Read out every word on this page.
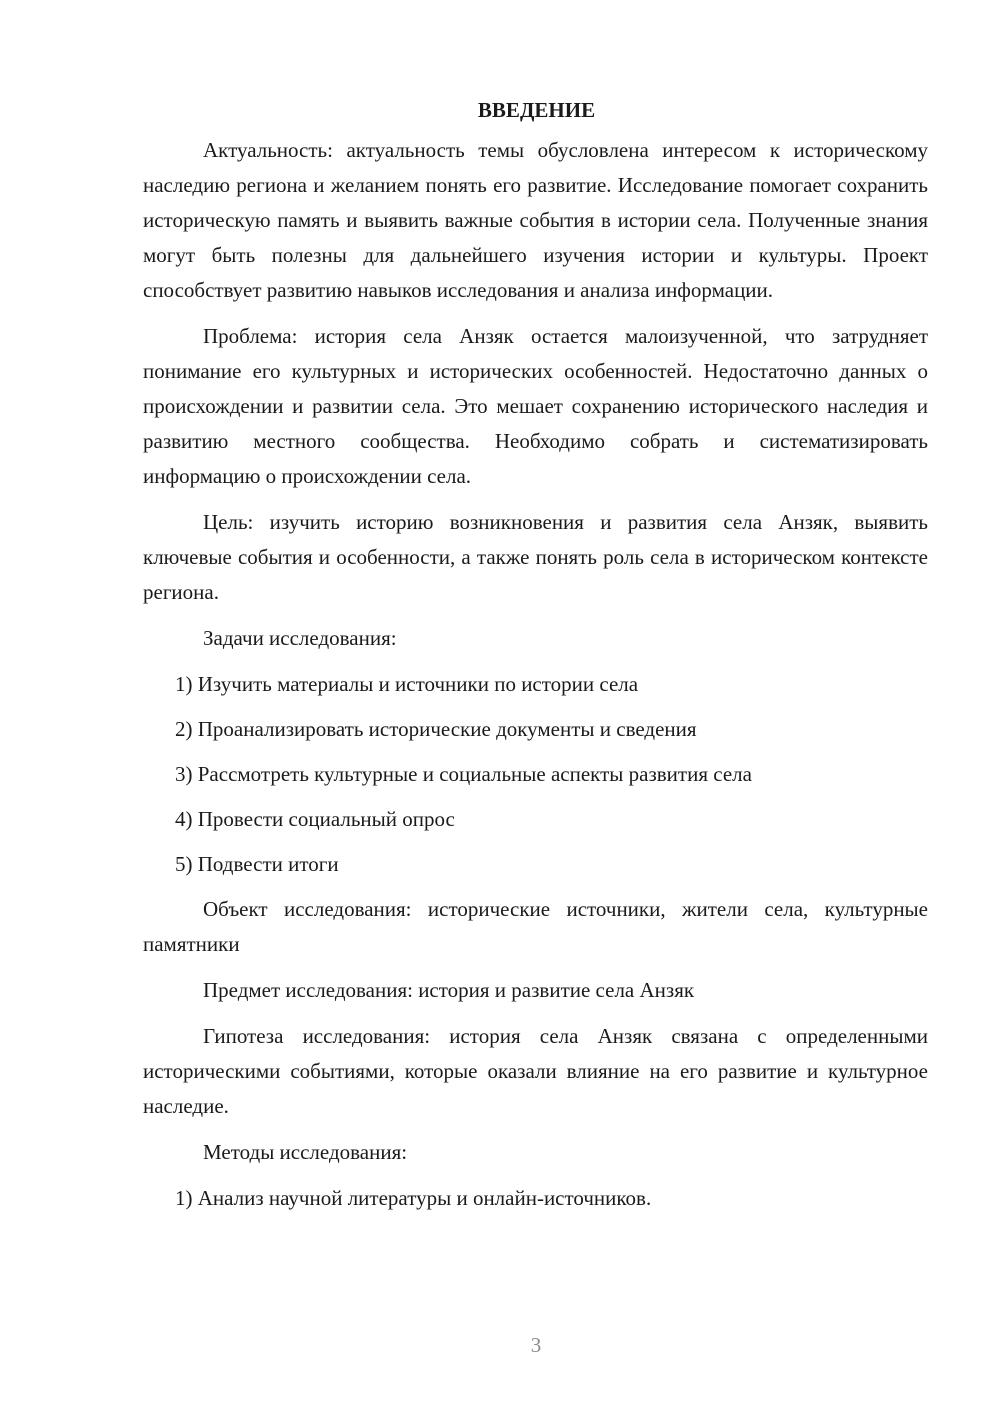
ВВЕДЕНИЕ

Актуальность: актуальность темы обусловлена интересом к историческому наследию региона и желанием понять его развитие. Исследование помогает сохранить историческую память и выявить важные события в истории села. Полученные знания могут быть полезны для дальнейшего изучения истории и культуры. Проект способствует развитию навыков исследования и анализа информации.

Проблема: история села Анзяк остается малоизученной, что затрудняет понимание его культурных и исторических особенностей. Недостаточно данных о происхождении и развитии села. Это мешает сохранению исторического наследия и развитию местного сообщества. Необходимо собрать и систематизировать информацию о происхождении села.

Цель: изучить историю возникновения и развития села Анзяк, выявить ключевые события и особенности, а также понять роль села в историческом контексте региона.

Задачи исследования:

1) Изучить материалы и источники по истории села
2) Проанализировать исторические документы и сведения
3) Рассмотреть культурные и социальные аспекты развития села
4) Провести социальный опрос
5) Подвести итоги

Объект исследования: исторические источники, жители села, культурные памятники

Предмет исследования: история и развитие села Анзяк

Гипотеза исследования: история села Анзяк связана с определенными историческими событиями, которые оказали влияние на его развитие и культурное наследие.

Методы исследования:

1) Анализ научной литературы и онлайн-источников.
3
